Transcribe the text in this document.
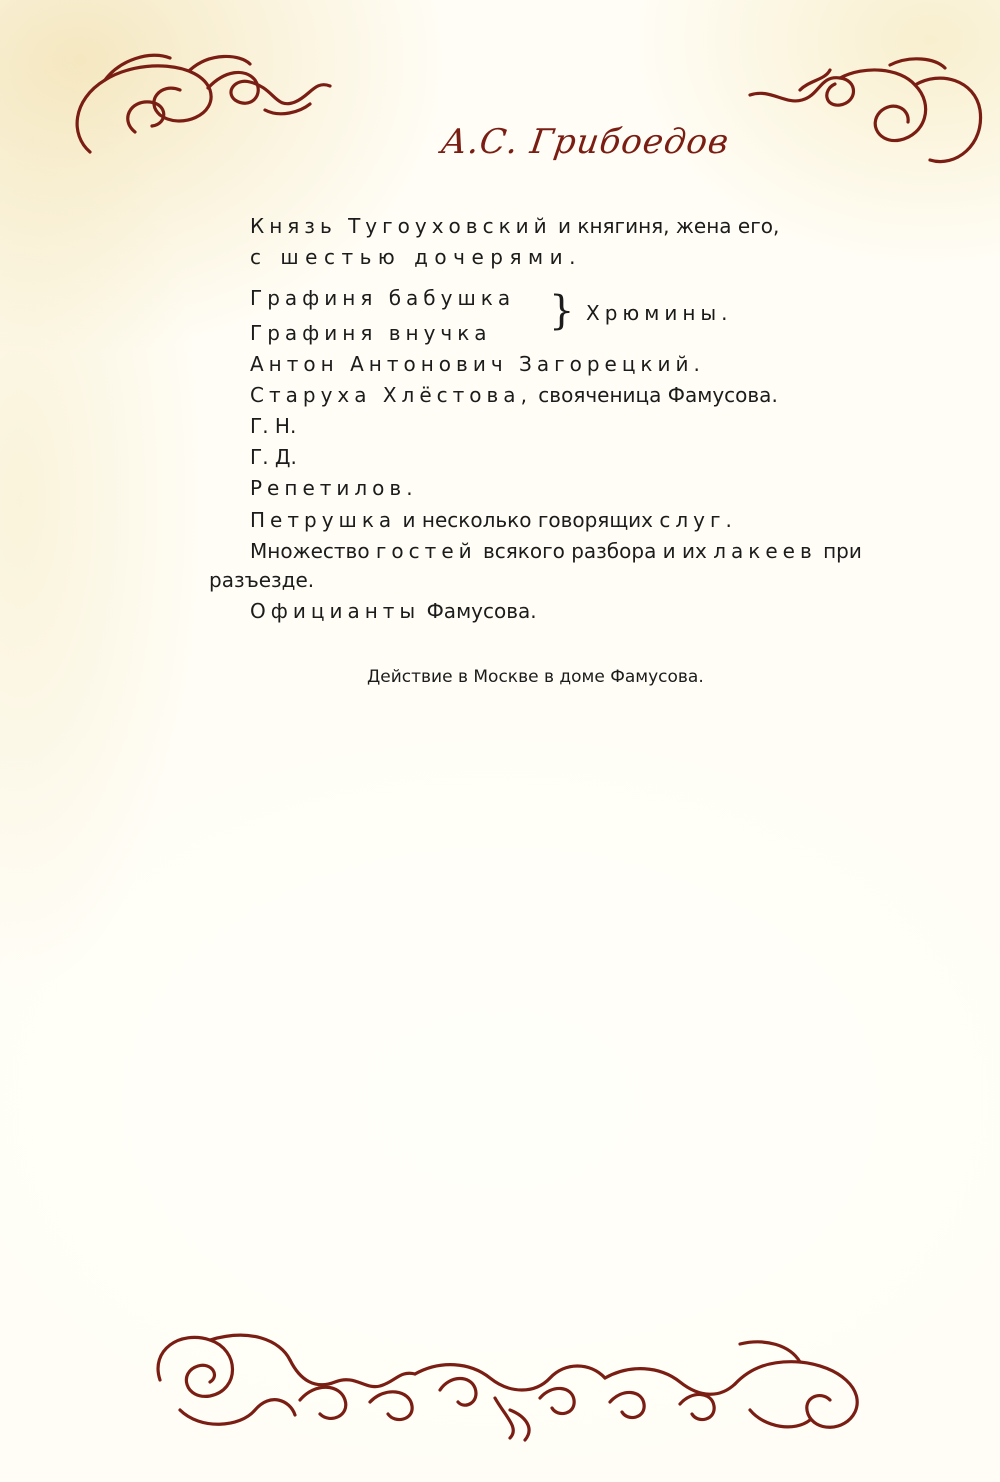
А.С. Грибоедов
Князь Тугоуховский и княгиня, жена его,
с шестью дочерями.
Графиня бабушка
Графиня внучка } Хрюмины.
Антон Антонович Загорецкий.
Старуха Хлёстова, свояченица Фамусова.
Г. Н.
Г. Д.
Репетилов.
Петрушка и несколько говорящих слуг.
Множество гостей всякого разбора и их лакеев при
разъезде.
Официанты Фамусова.
Действие в Москве в доме Фамусова.
